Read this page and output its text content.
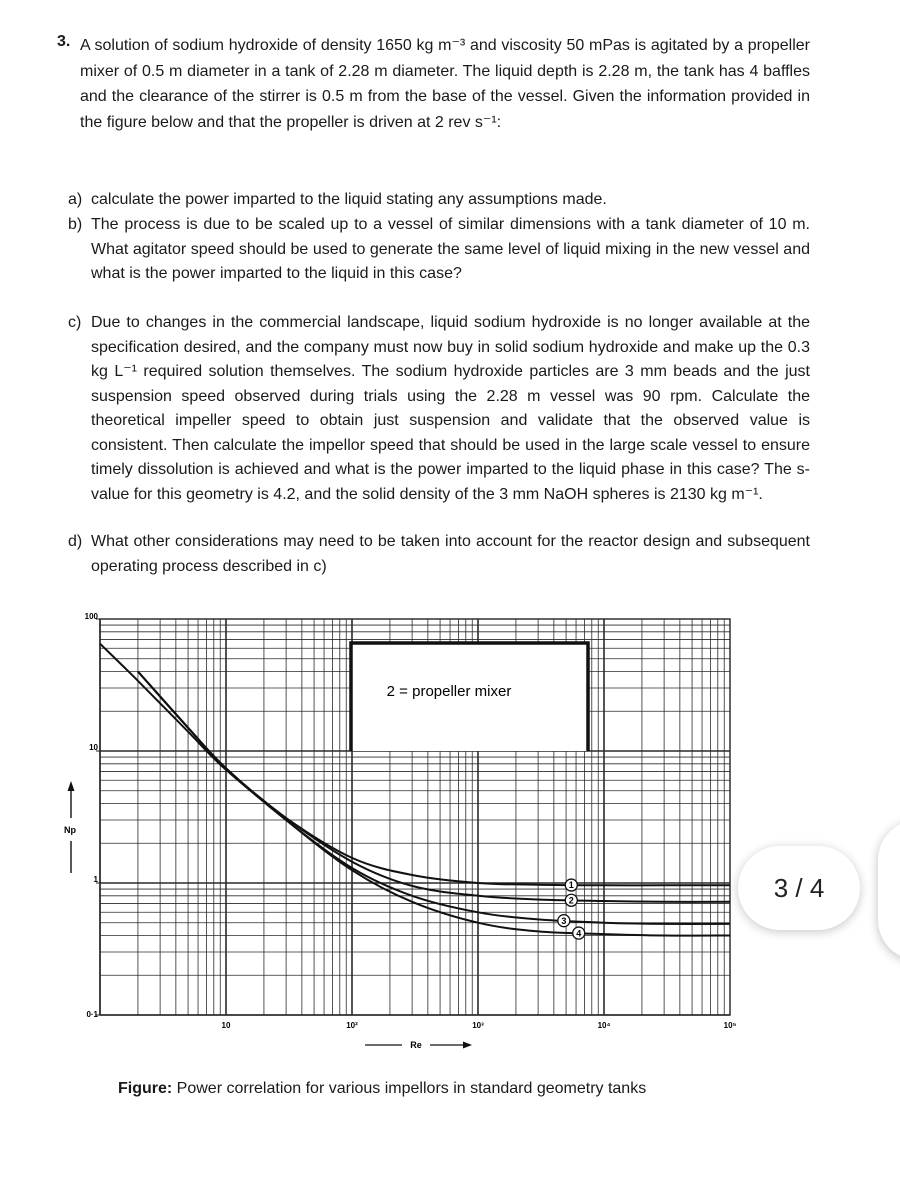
3. A solution of sodium hydroxide of density 1650 kg m⁻³ and viscosity 50 mPas is agitated by a propeller mixer of 0.5 m diameter in a tank of 2.28 m diameter. The liquid depth is 2.28 m, the tank has 4 baffles and the clearance of the stirrer is 0.5 m from the base of the vessel. Given the information provided in the figure below and that the propeller is driven at 2 rev s⁻¹:
a) calculate the power imparted to the liquid stating any assumptions made.
b) The process is due to be scaled up to a vessel of similar dimensions with a tank diameter of 10 m. What agitator speed should be used to generate the same level of liquid mixing in the new vessel and what is the power imparted to the liquid in this case?
c) Due to changes in the commercial landscape, liquid sodium hydroxide is no longer available at the specification desired, and the company must now buy in solid sodium hydroxide and make up the 0.3 kg L⁻¹ required solution themselves. The sodium hydroxide particles are 3 mm beads and the just suspension speed observed during trials using the 2.28 m vessel was 90 rpm. Calculate the theoretical impeller speed to obtain just suspension and validate that the observed value is consistent. Then calculate the impellor speed that should be used in the large scale vessel to ensure timely dissolution is achieved and what is the power imparted to the liquid phase in this case? The s-value for this geometry is 4.2, and the solid density of the 3 mm NaOH spheres is 2130 kg m⁻¹.
d) What other considerations may need to be taken into account for the reactor design and subsequent operating process described in c)
100
10
1
0·1
10	10²	10³	10⁴	10⁵
Re
Np
2 = propeller mixer
1
2
3
4
Figure: Power correlation for various impellors in standard geometry tanks
3 / 4
